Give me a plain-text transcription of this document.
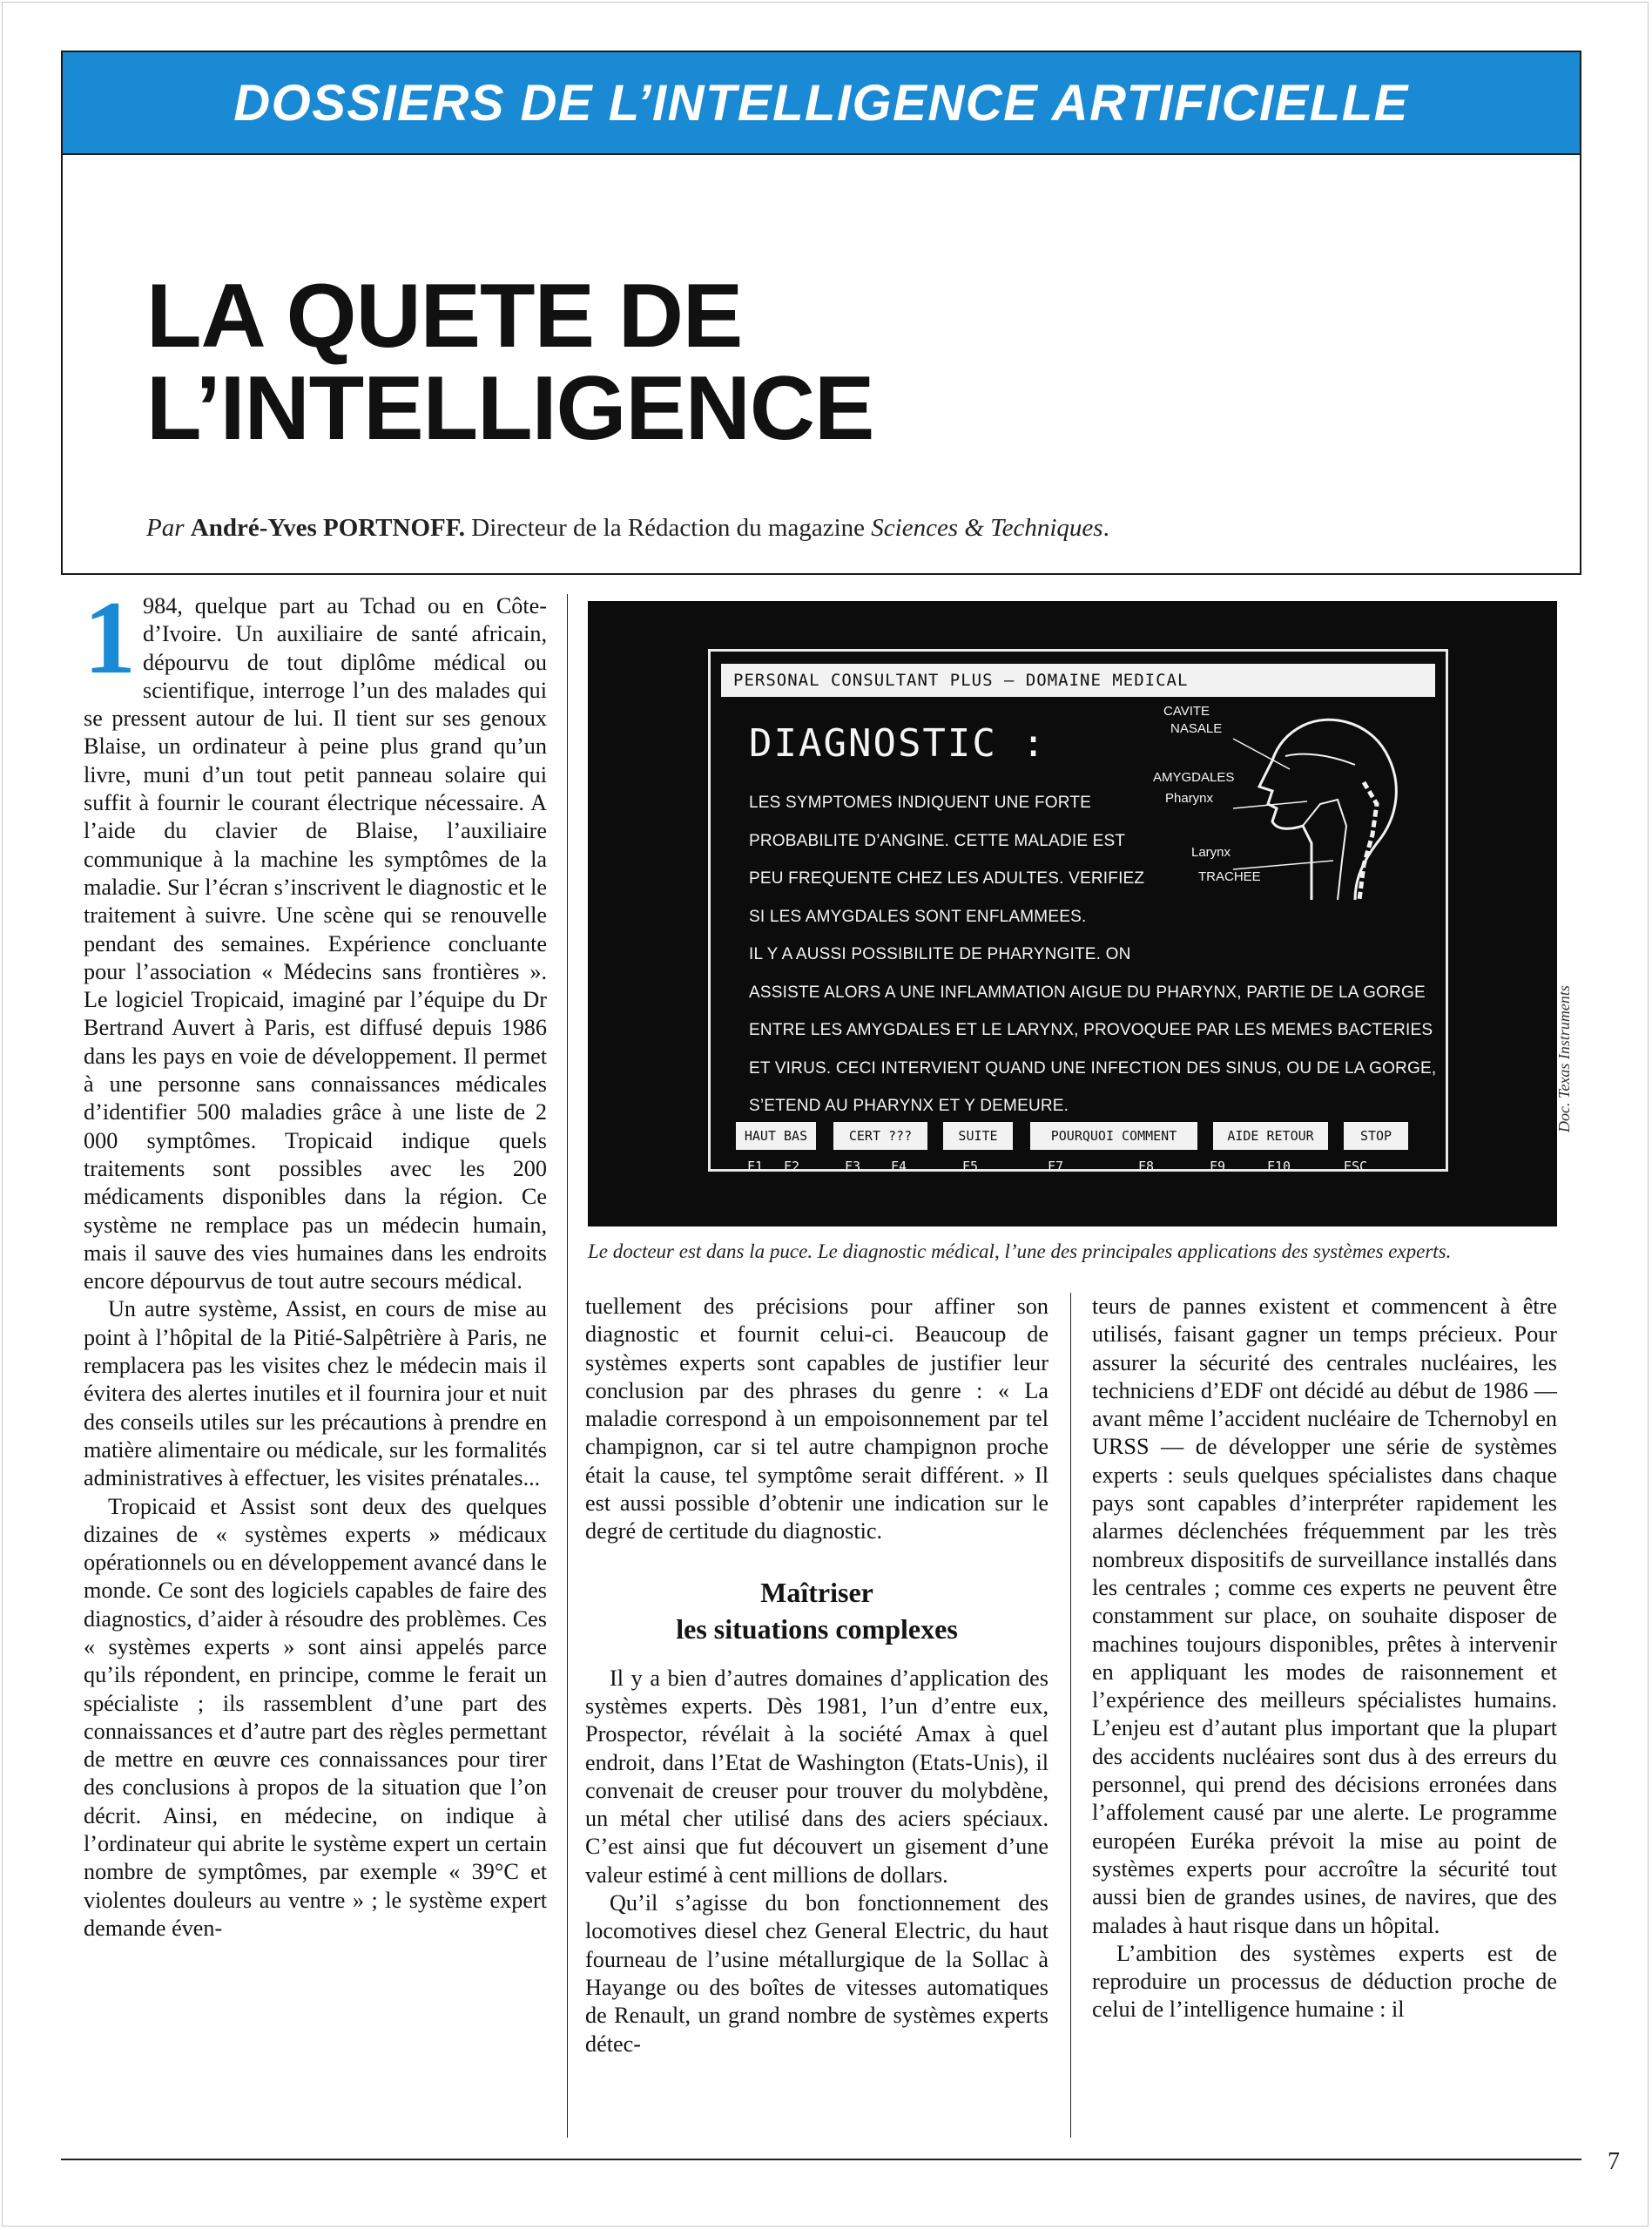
DOSSIERS DE L’INTELLIGENCE ARTIFICIELLE
LA QUETE DE
L’INTELLIGENCE
Par André-Yves PORTNOFF. Directeur de la Rédaction du magazine Sciences & Techniques.

1 984, quelque part au Tchad ou en Côte-d’Ivoire. Un auxiliaire de santé africain, dépourvu de tout diplôme médical ou scientifique, interroge l’un des malades qui se pressent autour de lui. Il tient sur ses genoux Blaise, un ordinateur à peine plus grand qu’un livre, muni d’un tout petit panneau solaire qui suffit à fournir le courant électrique nécessaire. A l’aide du clavier de Blaise, l’auxiliaire communique à la machine les symptômes de la maladie. Sur l’écran s’inscrivent le diagnostic et le traitement à suivre. Une scène qui se renouvelle pendant des semaines. Expérience concluante pour l’association « Médecins sans frontières ». Le logiciel Tropicaid, imaginé par l’équipe du Dr Bertrand Auvert à Paris, est diffusé depuis 1986 dans les pays en voie de développement. Il permet à une personne sans connaissances médicales d’identifier 500 maladies grâce à une liste de 2 000 symptômes. Tropicaid indique quels traitements sont possibles avec les 200 médicaments disponibles dans la région. Ce système ne remplace pas un médecin humain, mais il sauve des vies humaines dans les endroits encore dépourvus de tout autre secours médical.

Un autre système, Assist, en cours de mise au point à l’hôpital de la Pitié-Salpêtrière à Paris, ne remplacera pas les visites chez le médecin mais il évitera des alertes inutiles et il fournira jour et nuit des conseils utiles sur les précautions à prendre en matière alimentaire ou médicale, sur les formalités administratives à effectuer, les visites prénatales...

Tropicaid et Assist sont deux des quelques dizaines de « systèmes experts » médicaux opérationnels ou en développement avancé dans le monde. Ce sont des logiciels capables de faire des diagnostics, d’aider à résoudre des problèmes. Ces « systèmes experts » sont ainsi appelés parce qu’ils répondent, en principe, comme le ferait un spécialiste ; ils rassemblent d’une part des connaissances et d’autre part des règles permettant de mettre en œuvre ces connaissances pour tirer des conclusions à propos de la situation que l’on décrit. Ainsi, en médecine, on indique à l’ordinateur qui abrite le système expert un certain nombre de symptômes, par exemple « 39°C et violentes douleurs au ventre » ; le système expert demande éven-

PERSONAL CONSULTANT PLUS — DOMAINE MEDICAL
DIAGNOSTIC :
LES SYMPTOMES INDIQUENT UNE FORTE
PROBABILITE D’ANGINE. CETTE MALADIE EST
PEU FREQUENTE CHEZ LES ADULTES. VERIFIEZ
SI LES AMYGDALES SONT ENFLAMMEES.
IL Y A AUSSI POSSIBILITE DE PHARYNGITE. ON
ASSISTE ALORS A UNE INFLAMMATION AIGUE DU PHARYNX, PARTIE DE LA GORGE
ENTRE LES AMYGDALES ET LE LARYNX, PROVOQUEE PAR LES MEMES BACTERIES
ET VIRUS. CECI INTERVIENT QUAND UNE INFECTION DES SINUS, OU DE LA GORGE,
S’ETEND AU PHARYNX ET Y DEMEURE.
CAVITE
NASALE
AMYGDALES
Pharynx
Larynx
TRACHEE
HAUT BAS	CERT ???	SUITE	POURQUOI COMMENT	AIDE RETOUR	STOP
F1 F2	F3 F4	F5	F7	F8	F9	F10	ESC
Doc. Texas Instruments
Le docteur est dans la puce. Le diagnostic médical, l’une des principales applications des systèmes experts.

tuellement des précisions pour affiner son diagnostic et fournit celui-ci. Beaucoup de systèmes experts sont capables de justifier leur conclusion par des phrases du genre : « La maladie correspond à un empoisonnement par tel champignon, car si tel autre champignon proche était la cause, tel symptôme serait différent. » Il est aussi possible d’obtenir une indication sur le degré de certitude du diagnostic.

Maîtriser
les situations complexes

Il y a bien d’autres domaines d’application des systèmes experts. Dès 1981, l’un d’entre eux, Prospector, révélait à la société Amax à quel endroit, dans l’Etat de Washington (Etats-Unis), il convenait de creuser pour trouver du molybdène, un métal cher utilisé dans des aciers spéciaux. C’est ainsi que fut découvert un gisement d’une valeur estimé à cent millions de dollars.

Qu’il s’agisse du bon fonctionnement des locomotives diesel chez General Electric, du haut fourneau de l’usine métallurgique de la Sollac à Hayange ou des boîtes de vitesses automatiques de Renault, un grand nombre de systèmes experts détec-

teurs de pannes existent et commencent à être utilisés, faisant gagner un temps précieux. Pour assurer la sécurité des centrales nucléaires, les techniciens d’EDF ont décidé au début de 1986 — avant même l’accident nucléaire de Tchernobyl en URSS — de développer une série de systèmes experts : seuls quelques spécialistes dans chaque pays sont capables d’interpréter rapidement les alarmes déclenchées fréquemment par les très nombreux dispositifs de surveillance installés dans les centrales ; comme ces experts ne peuvent être constamment sur place, on souhaite disposer de machines toujours disponibles, prêtes à intervenir en appliquant les modes de raisonnement et l’expérience des meilleurs spécialistes humains. L’enjeu est d’autant plus important que la plupart des accidents nucléaires sont dus à des erreurs du personnel, qui prend des décisions erronées dans l’affolement causé par une alerte. Le programme européen Euréka prévoit la mise au point de systèmes experts pour accroître la sécurité tout aussi bien de grandes usines, de navires, que des malades à haut risque dans un hôpital.

L’ambition des systèmes experts est de reproduire un processus de déduction proche de celui de l’intelligence humaine : il

7
